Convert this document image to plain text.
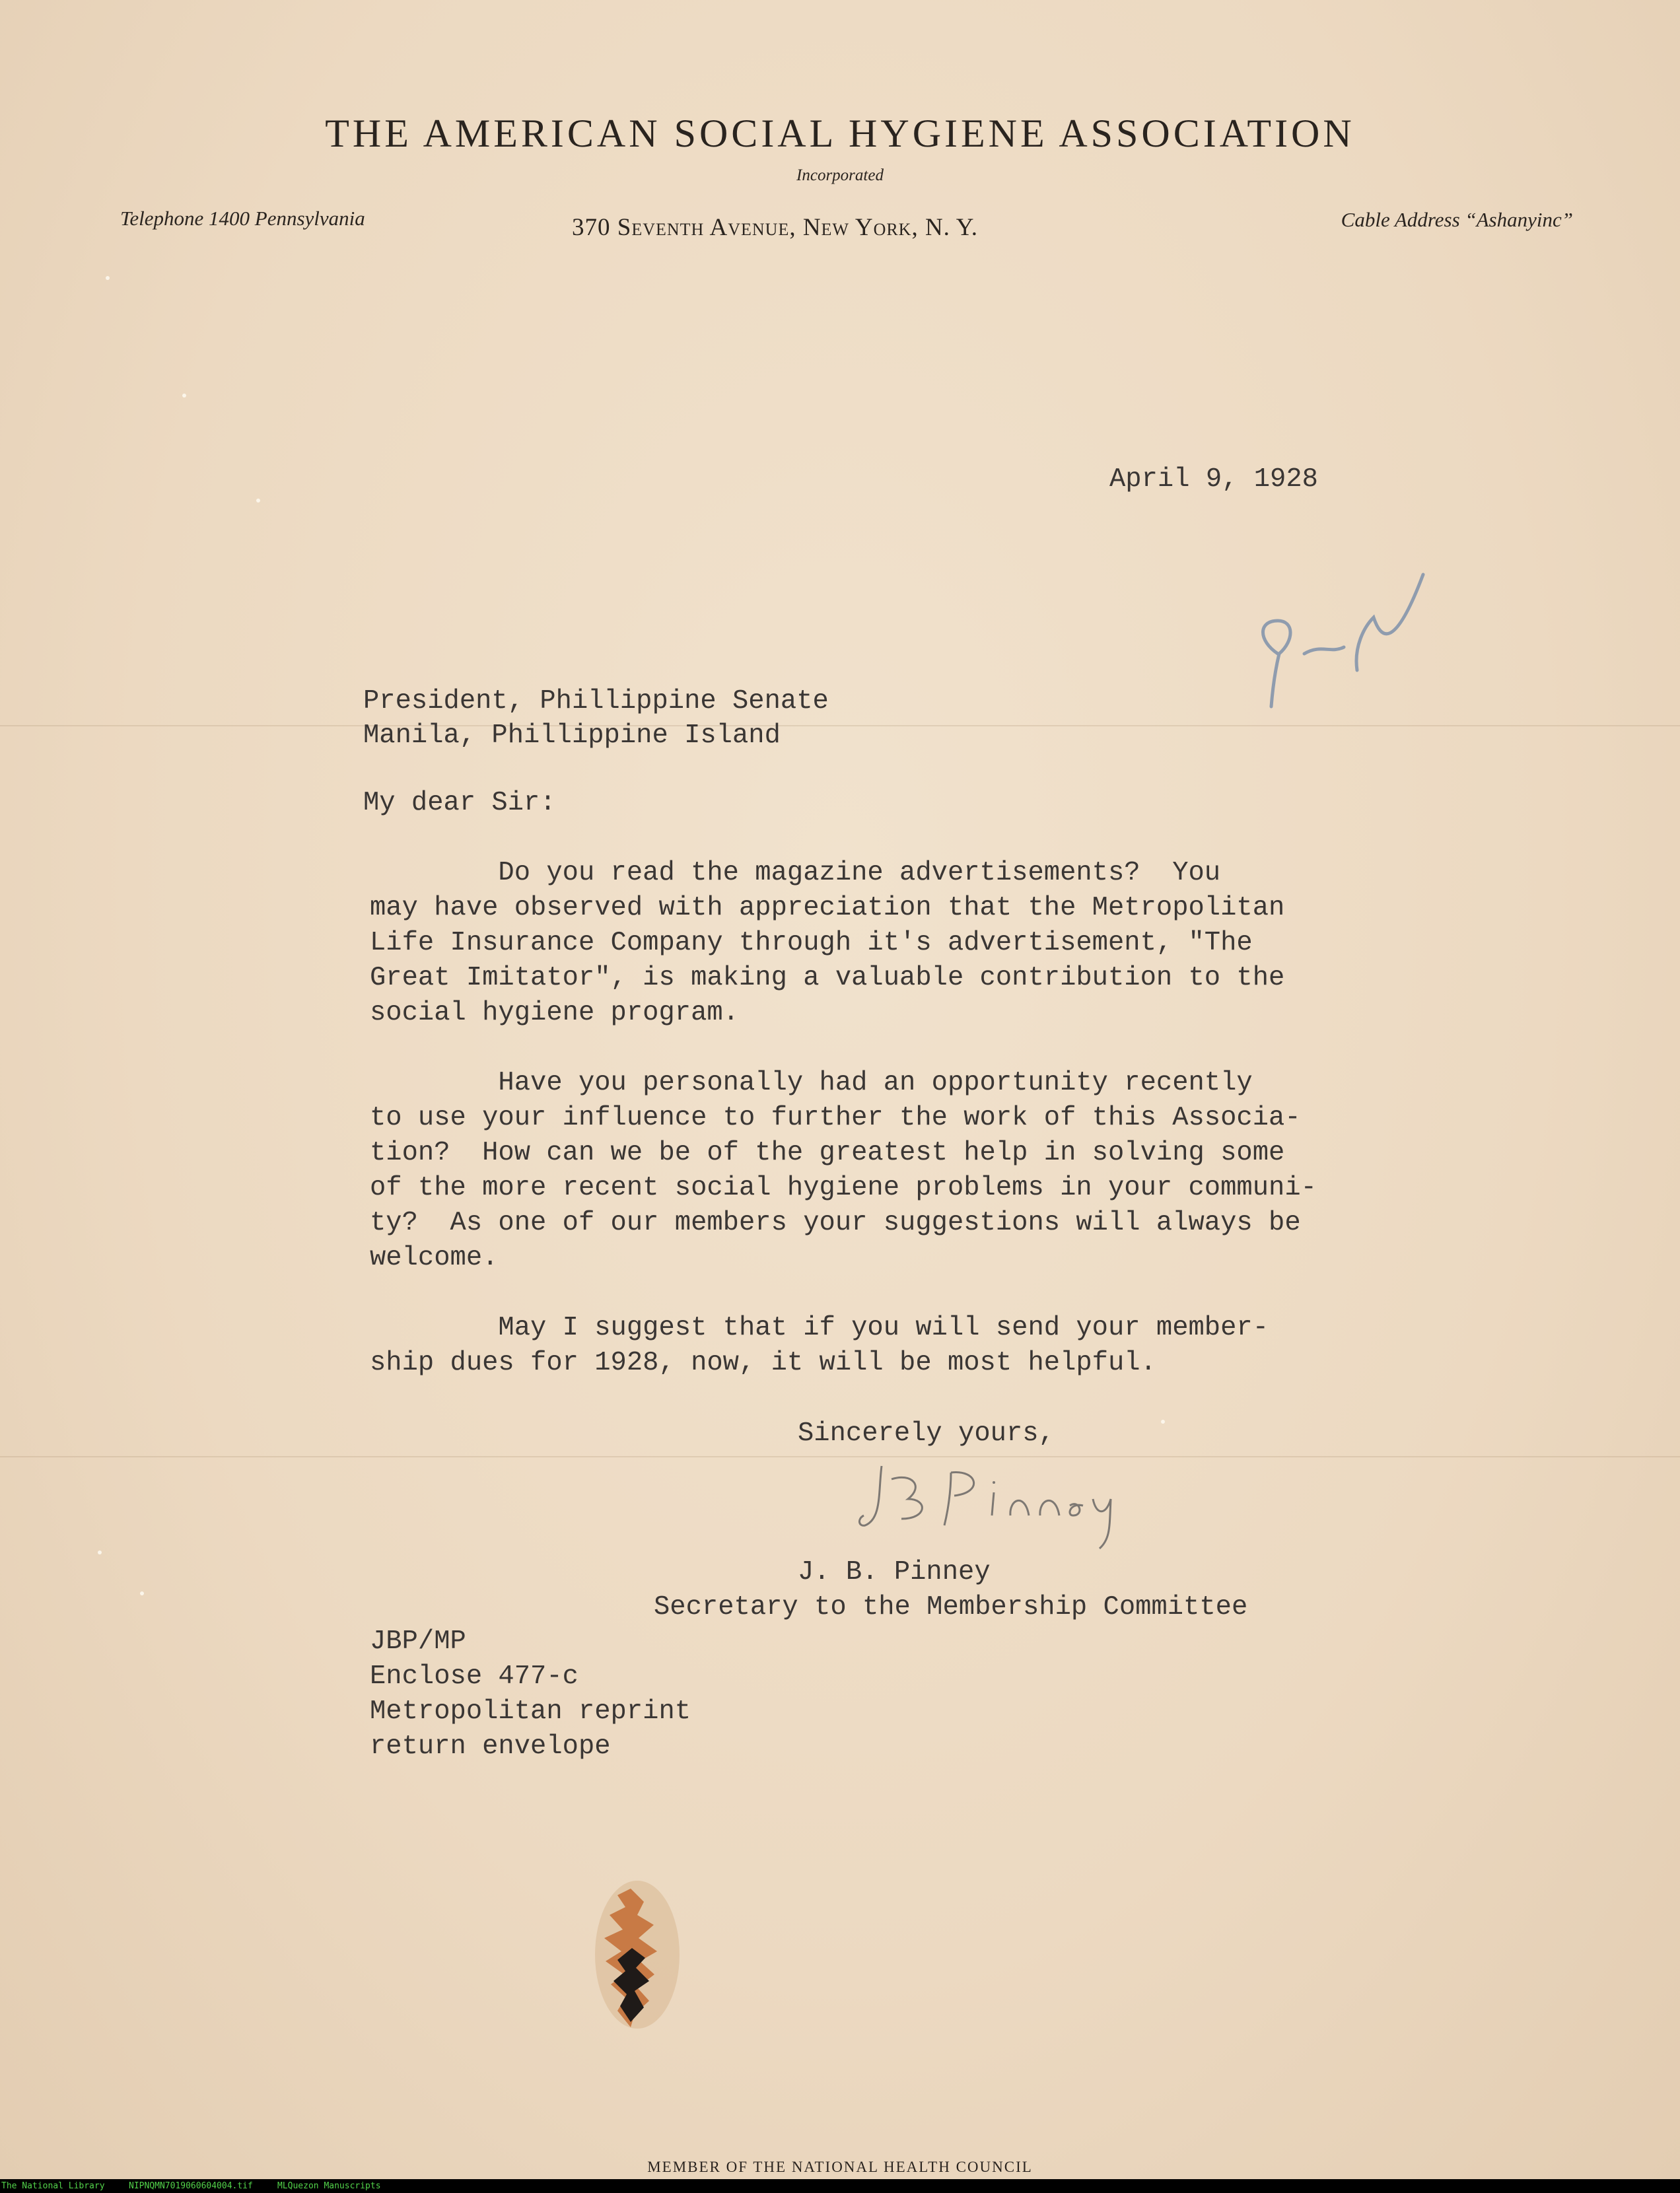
THE AMERICAN SOCIAL HYGIENE ASSOCIATION
Incorporated
Telephone 1400 Pennsylvania	370 Seventh Avenue, New York, N. Y.	Cable Address “Ashanyinc”
April 9, 1928
President, Phillippine Senate
Manila, Phillippine Island
My dear Sir:
Do you read the magazine advertisements?  You
may have observed with appreciation that the Metropolitan
Life Insurance Company through it's advertisement, "The
Great Imitator", is making a valuable contribution to the
social hygiene program.
Have you personally had an opportunity recently
to use your influence to further the work of this Associa-
tion?  How can we be of the greatest help in solving some
of the more recent social hygiene problems in your communi-
ty?  As one of our members your suggestions will always be
welcome.
May I suggest that if you will send your member-
ship dues for 1928, now, it will be most helpful.
Sincerely yours,
J. B. Pinney
Secretary to the Membership Committee
JBP/MP
Enclose 477-c
Metropolitan reprint
return envelope
MEMBER OF THE NATIONAL HEALTH COUNCIL
The National Library	NIPNQMN7019060604004.tif	MLQuezon Manuscripts
